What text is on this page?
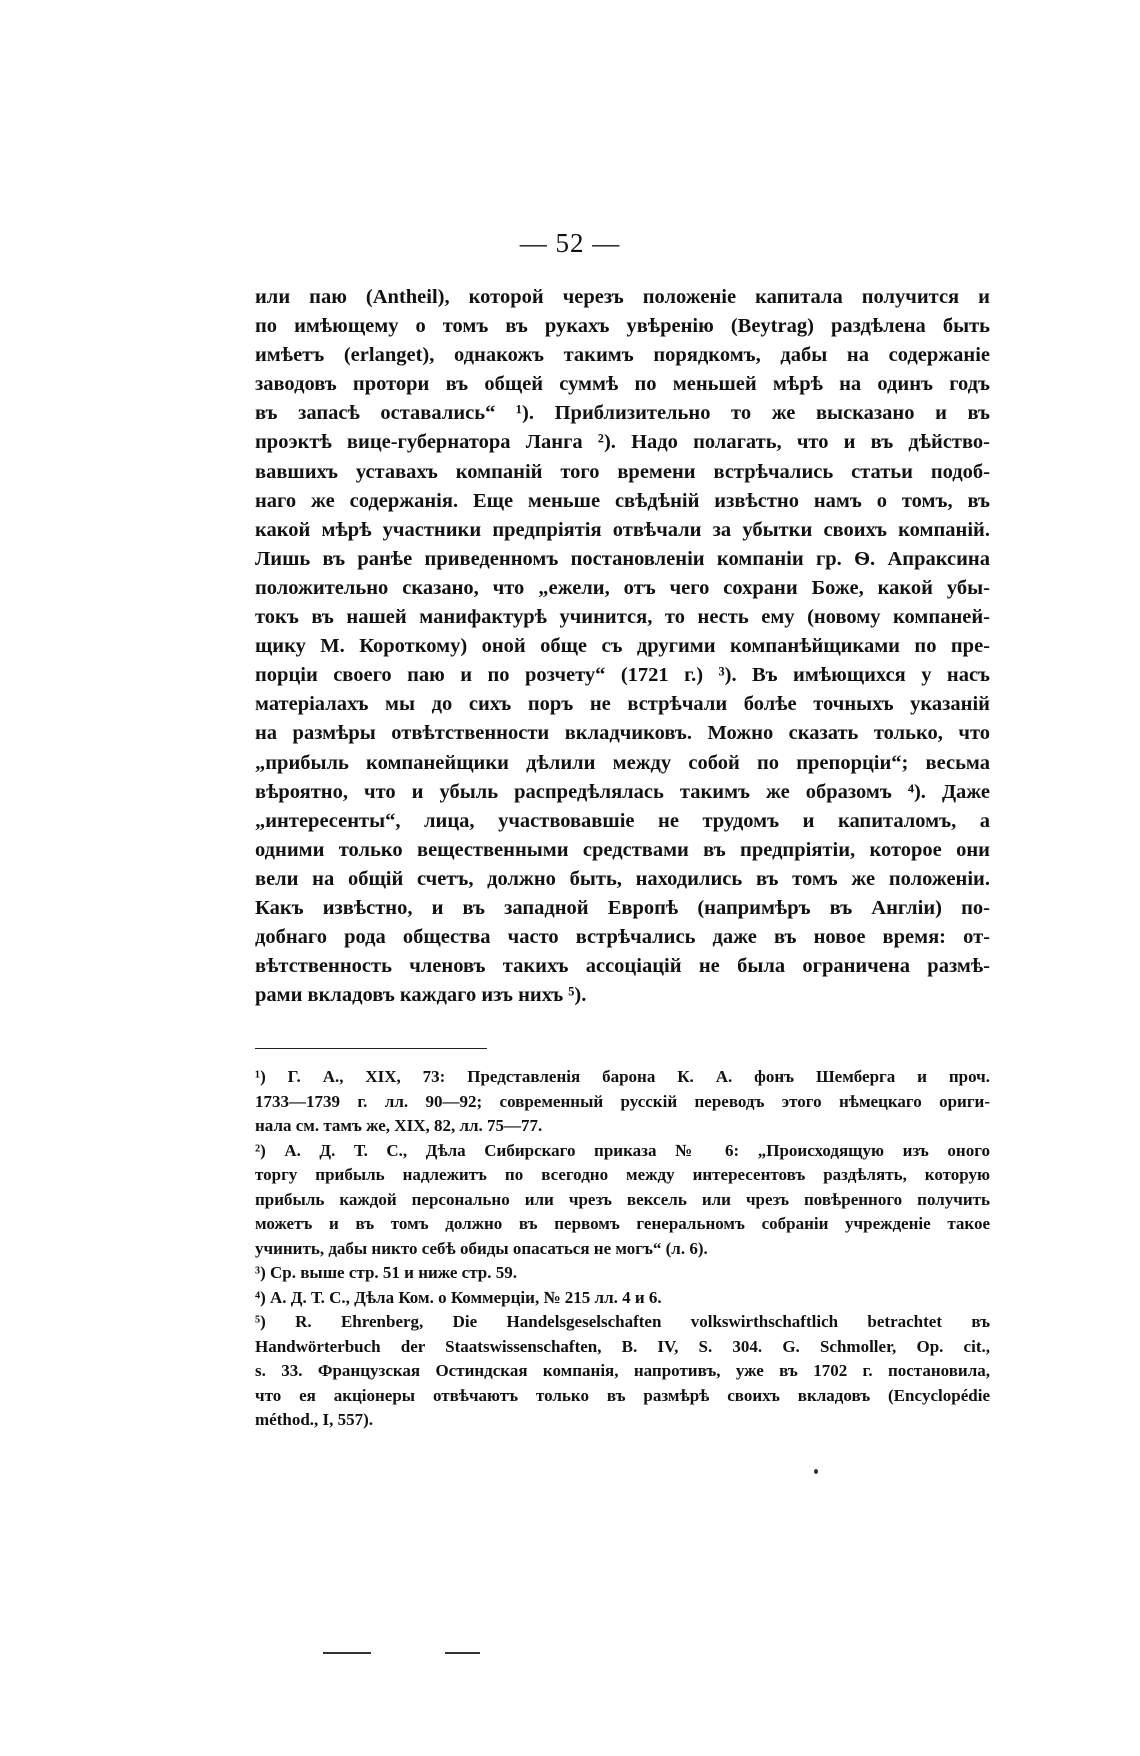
— 52 —
или паю (Antheil), которой черезъ положеніе капитала получится и
по имѣющему о томъ въ рукахъ увѣренію (Beytrag) раздѣлена быть
имѣетъ (erlanget), однакожъ такимъ порядкомъ, дабы на содержаніе
заводовъ протори въ общей суммѣ по меньшей мѣрѣ на одинъ годъ
въ запасѣ оставались“ ¹). Приблизительно то же высказано и въ
проэктѣ вице-губернатора Ланга ²). Надо полагать, что и въ дѣйство-
вавшихъ уставахъ компаній того времени встрѣчались статьи подоб-
наго же содержанія. Еще меньше свѣдѣній извѣстно намъ о томъ, въ
какой мѣрѣ участники предпріятія отвѣчали за убытки своихъ компаній.
Лишь въ ранѣе приведенномъ постановленіи компаніи гр. Ѳ. Апраксина
положительно сказано, что „ежели, отъ чего сохрани Боже, какой убы-
токъ въ нашей манифактурѣ учинится, то несть ему (новому компаней-
щику М. Короткому) оной обще съ другими компанѣйщиками по пре-
порціи своего паю и по розчету“ (1721 г.) ³). Въ имѣющихся у насъ
матеріалахъ мы до сихъ поръ не встрѣчали болѣе точныхъ указаній
на размѣры отвѣтственности вкладчиковъ. Можно сказать только, что
„прибыль компанейщики дѣлили между собой по препорціи“; весьма
вѣроятно, что и убыль распредѣлялась такимъ же образомъ ⁴). Даже
„интересенты“, лица, участвовавшіе не трудомъ и капиталомъ, а
одними только вещественными средствами въ предпріятіи, которое они
вели на общій счетъ, должно быть, находились въ томъ же положеніи.
Какъ извѣстно, и въ западной Европѣ (напримѣръ въ Англіи) по-
добнаго рода общества часто встрѣчались даже въ новое время: от-
вѣтственность членовъ такихъ ассоціацій не была ограничена размѣ-
рами вкладовъ каждаго изъ нихъ ⁵).
¹) Г. А., XIX, 73: Представленія барона К. А. фонъ Шемберга и проч.
1733—1739 г. лл. 90—92; современный русскій переводъ этого нѣмецкаго ориги-
нала см. тамъ же, XIX, 82, лл. 75—77.
²) А. Д. Т. С., Дѣла Сибирскаго приказа № 6: „Происходящую изъ оного
торгу прибыль надлежитъ по всегодно между интересентовъ раздѣлять, которую
прибыль каждой персонально или чрезъ вексель или чрезъ повѣренного получить
можетъ и въ томъ должно въ первомъ генеральномъ собраніи учрежденіе такое
учинить, дабы никто себѣ обиды опасаться не могъ“ (л. 6).
³) Ср. выше стр. 51 и ниже стр. 59.
⁴) А. Д. Т. С., Дѣла Ком. о Коммерціи, № 215 лл. 4 и 6.
⁵) R. Ehrenberg, Die Handelsgeselschaften volkswirthschaftlich betrachtet въ
Handwörterbuch der Staatswissenschaften, B. IV, S. 304. G. Schmoller, Op. cit.,
s. 33. Французская Остиндская компанія, напротивъ, уже въ 1702 г. постановила,
что ея акціонеры отвѣчаютъ только въ размѣрѣ своихъ вкладовъ (Encyclopédie
méthod., I, 557).
